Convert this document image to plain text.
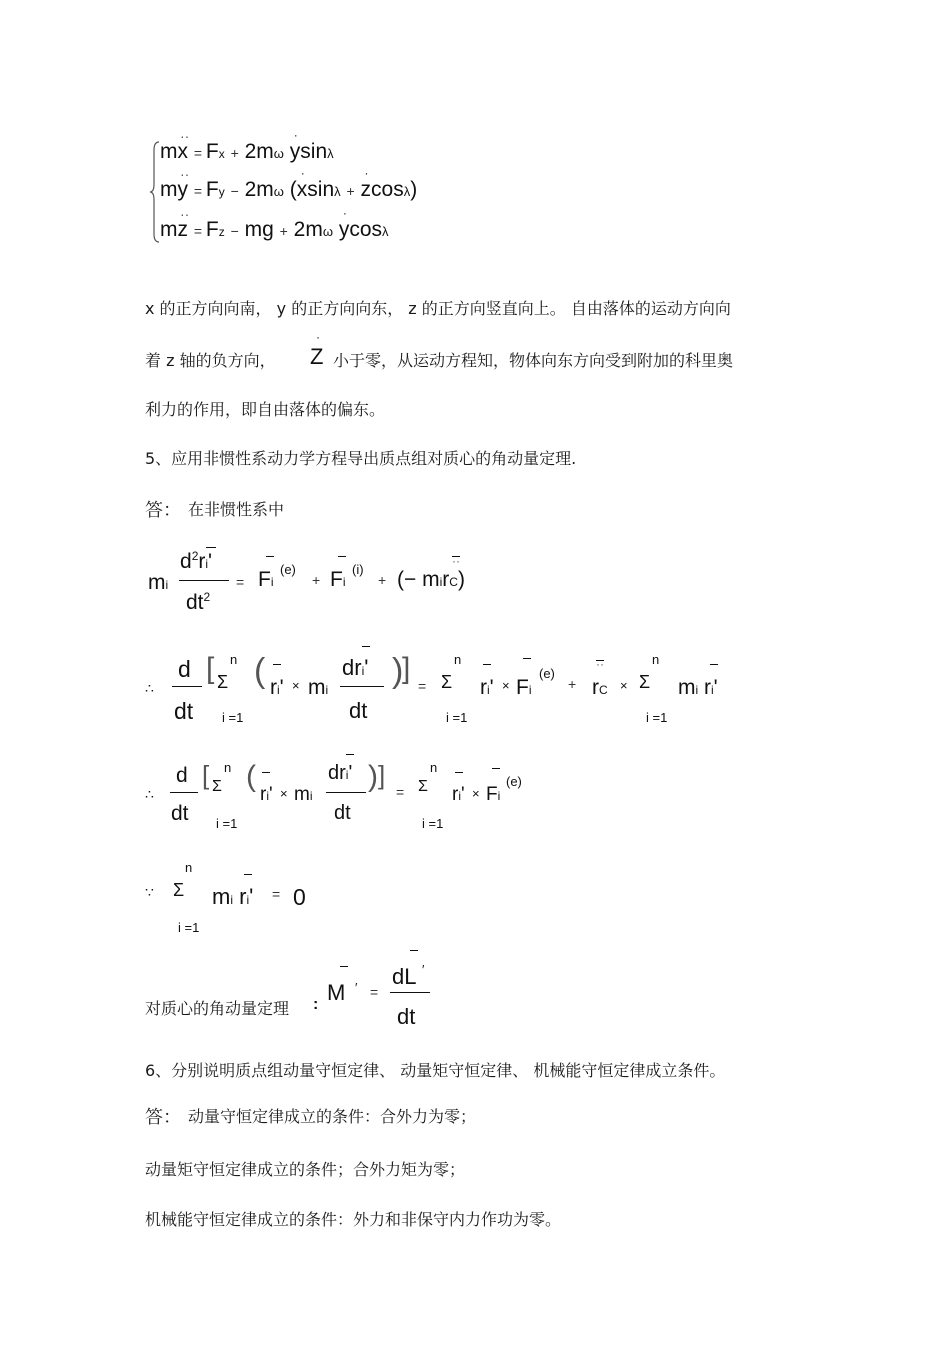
mx
··
= Fx + 2mω y
·
sinλ
my
··
= Fy − 2mω (x
·
sinλ + z
·
cosλ)
mz
··
= Fz − mg + 2mω y
·
cosλ
x 的正方向向南， y 的正方向向东， z 的正方向竖直向上。 自由落体的运动方向向
着 z 轴的负方向， Z
·
小于零，从运动方程知，物体向东方向受到附加的科里奥
利力的作用，即自由落体的偏东。
5、应用非惯性系动力学方程导出质点组对质心的角动量定理.
答： 在非惯性系中
mi
$d^2ri'$
$dt^2$
= Fi
(e)
+ Fi
(i)
+ (− mirC)
··
∴
d
dt
[ n
Σ
i =1
( ri' × mi
dri'
dt
)
]
=
n
Σ
i =1
ri' × Fi
(e)
+
··
rC ×
n
Σ
i =1
mi ri'
∴
d
dt
[ n
Σ
i =1
(
ri' × mi
dri'
dt
) ]
=
n
Σ
i =1
ri' × Fi
(e)
∵
n
Σ
i =1
mi ri' = 0
对质心的角动量定理 : M ′ =
dL ′
dt
6、分别说明质点组动量守恒定律、 动量矩守恒定律、 机械能守恒定律成立条件。
答： 动量守恒定律成立的条件：合外力为零；
动量矩守恒定律成立的条件；合外力矩为零；
机械能守恒定律成立的条件：外力和非保守内力作功为零。
